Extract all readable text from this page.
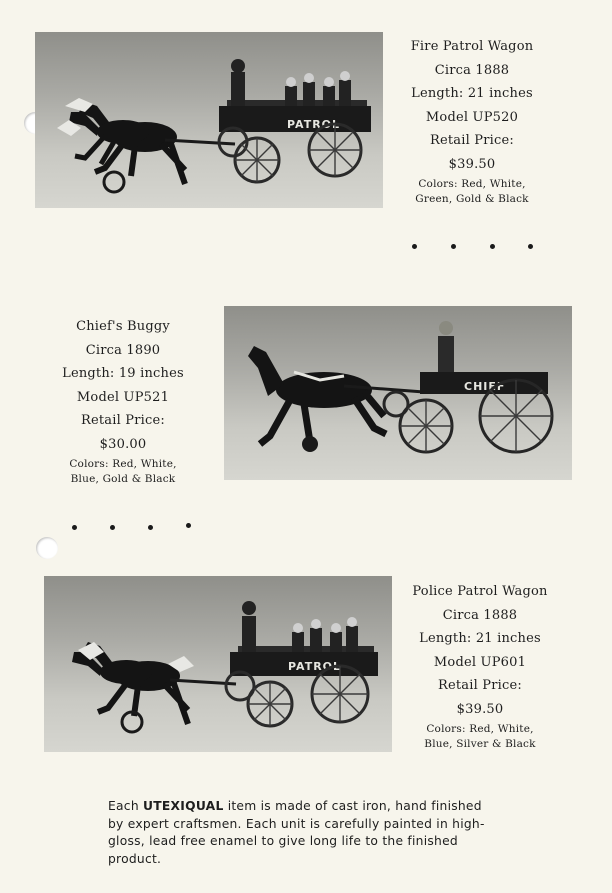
PATROL
Fire Patrol Wagon
Circa 1888
Length: 21 inches
Model UP520
Retail Price:
$39.50
Colors: Red, White,
Green, Gold & Black
Chief's Buggy
Circa 1890
Length: 19 inches
Model UP521
Retail Price:
$30.00
Colors: Red, White,
Blue, Gold & Black
CHIEF
PATROL
Police Patrol Wagon
Circa 1888
Length: 21 inches
Model UP601
Retail Price:
$39.50
Colors: Red, White,
Blue, Silver & Black
Each UTEXIQUAL item is made of cast iron, hand finished
by expert craftsmen. Each unit is carefully painted in high-
gloss, lead free enamel to give long life to the finished
product.
